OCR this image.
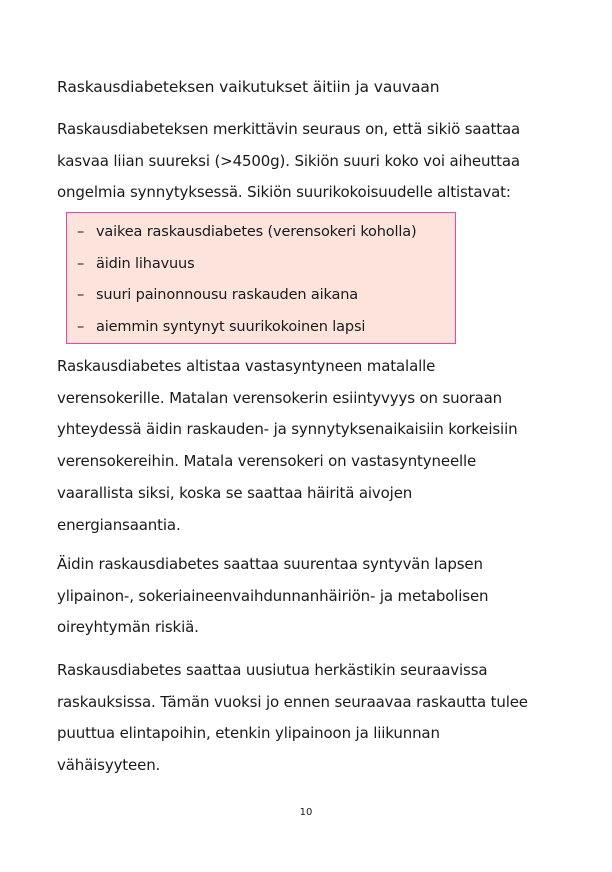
Raskausdiabeteksen vaikutukset äitiin ja vauvaan

Raskausdiabeteksen merkittävin seuraus on, että sikiö saattaa
kasvaa liian suureksi (>4500g). Sikiön suuri koko voi aiheuttaa
ongelmia synnytyksessä. Sikiön suurikokoisuudelle altistavat:

– vaikea raskausdiabetes (verensokeri koholla)
– äidin lihavuus
– suuri painonnousu raskauden aikana
– aiemmin syntynyt suurikokoinen lapsi

Raskausdiabetes altistaa vastasyntyneen matalalle
verensokerille. Matalan verensokerin esiintyvyys on suoraan
yhteydessä äidin raskauden- ja synnytyksenaikaisiin korkeisiin
verensokereihin. Matala verensokeri on vastasyntyneelle
vaarallista siksi, koska se saattaa häiritä aivojen
energiansaantia.

Äidin raskausdiabetes saattaa suurentaa syntyvän lapsen
ylipainon-, sokeriaineenvaihdunnanhäiriön- ja metabolisen
oireyhtymän riskiä.

Raskausdiabetes saattaa uusiutua herkästikin seuraavissa
raskauksissa. Tämän vuoksi jo ennen seuraavaa raskautta tulee
puuttua elintapoihin, etenkin ylipainoon ja liikunnan
vähäisyyteen.

10
